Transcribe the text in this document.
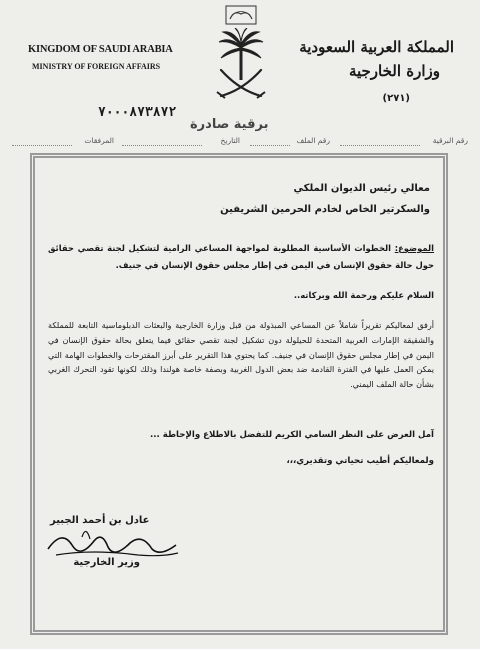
KINGDOM OF SAUDI ARABIA
MINISTRY OF FOREIGN AFFAIRS
المملكة العربية السعودية
وزارة الخارجية
(٢٧١)
٧٠٠٠٨٧٣٨٧٢
برقية صادرة
رقم البرقية
رقم الملف
التاريخ
المرفقات
معالي رئيس الديوان الملكي
والسكرتير الخاص لخادم الحرمين الشريفين
الموضوع: الخطوات الأساسية المطلوبة لمواجهة المساعي الرامية لتشكيل لجنة تقصي حقائق حول حالة حقوق الإنسان في اليمن في إطار مجلس حقوق الإنسان في جنيف.
السلام عليكم ورحمة الله وبركاته..
أرفق لمعاليكم تقريراً شاملاً عن المساعي المبذولة من قبل وزارة الخارجية والبعثات الدبلوماسية التابعة للمملكة والشقيقة الإمارات العربية المتحدة للحيلولة دون تشكيل لجنة تقصي حقائق فيما يتعلق بحالة حقوق الإنسان في اليمن في إطار مجلس حقوق الإنسان في جنيف. كما يحتوي هذا التقرير على أبرز المقترحات والخطوات الهامة التي يمكن العمل عليها في الفترة القادمة ضد بعض الدول الغربية وبصفة خاصة هولندا وذلك لكونها تقود التحرك الغربي بشأن حالة الملف اليمني.
آمل العرض على النظر السامي الكريم للتفضل بالاطلاع والإحاطة ...
ولمعاليكم أطيب تحياتي وتقديري،،،
عادل بن أحمد الجبير
وزير الخارجية
